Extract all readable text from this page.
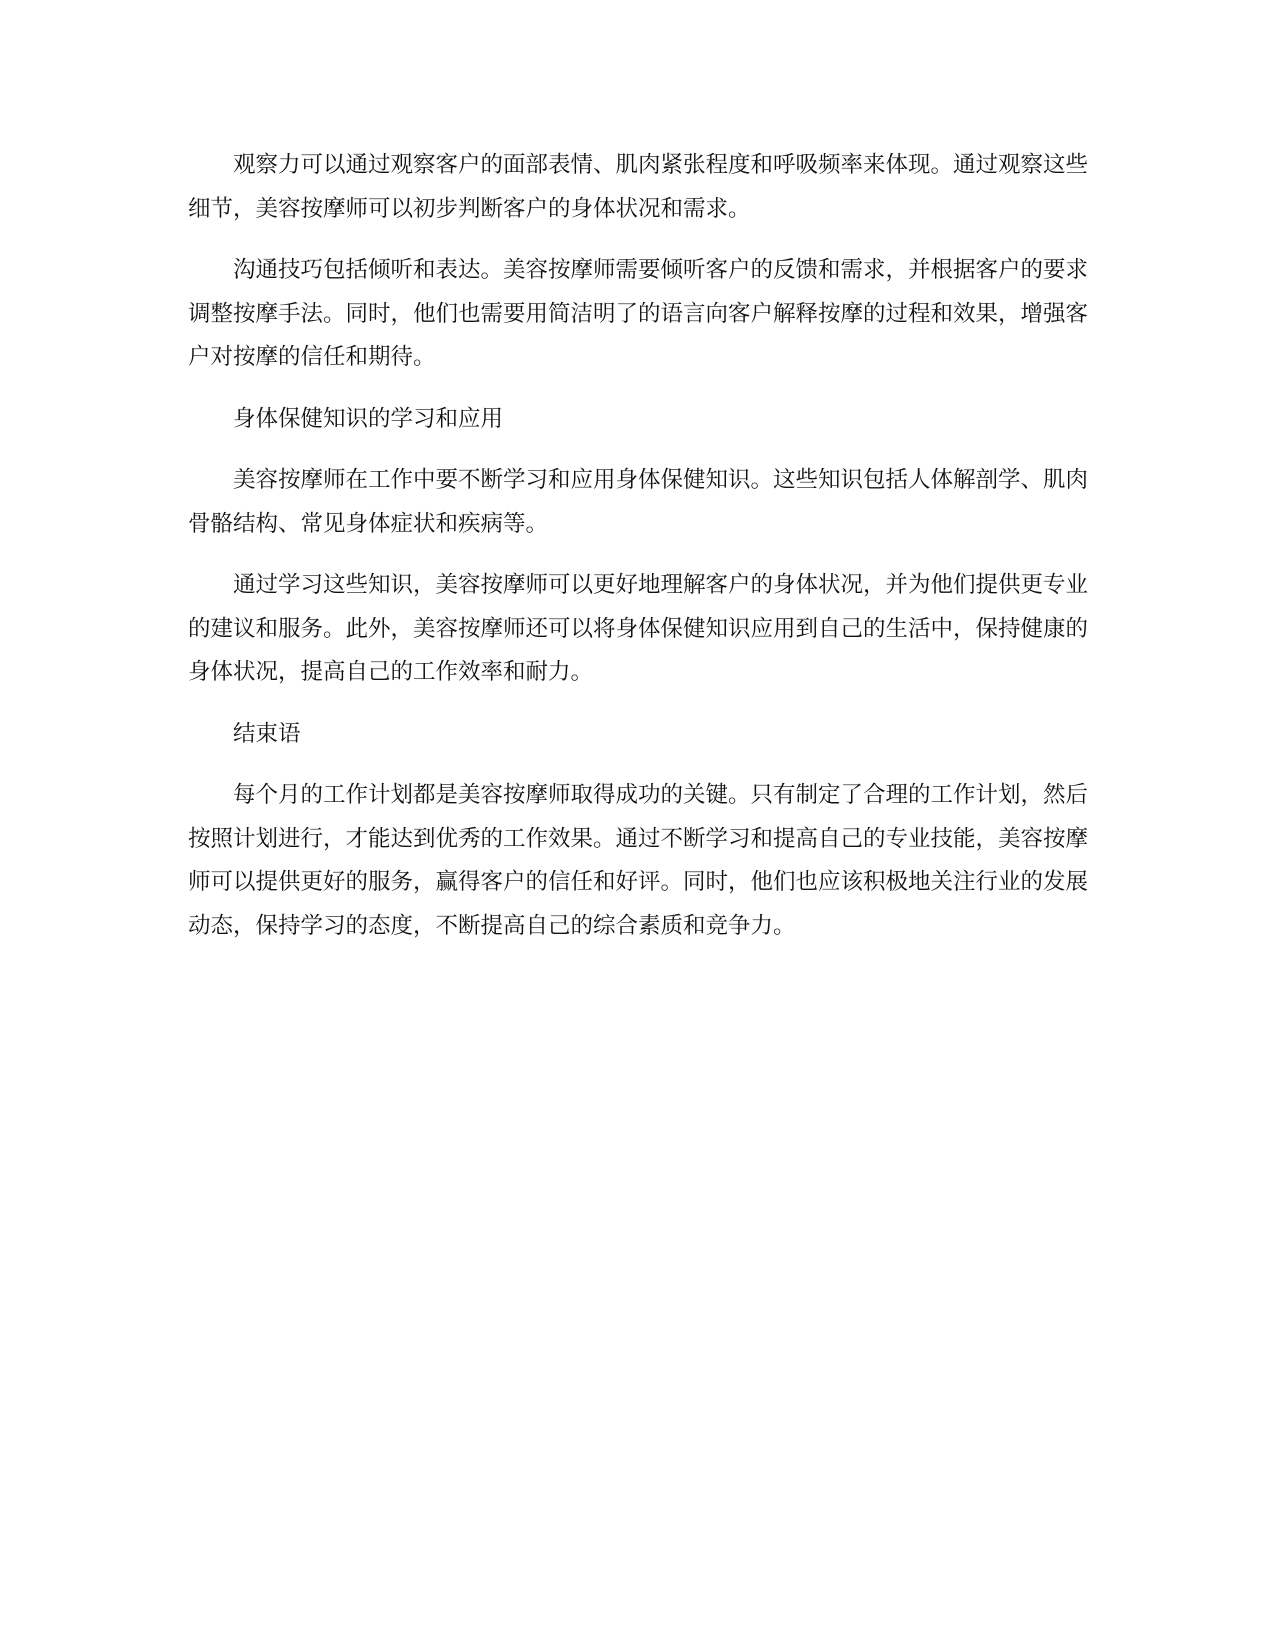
观察力可以通过观察客户的面部表情、肌肉紧张程度和呼吸频率来体现。通过观察这些细节，美容按摩师可以初步判断客户的身体状况和需求。

沟通技巧包括倾听和表达。美容按摩师需要倾听客户的反馈和需求，并根据客户的要求调整按摩手法。同时，他们也需要用简洁明了的语言向客户解释按摩的过程和效果，增强客户对按摩的信任和期待。

身体保健知识的学习和应用

美容按摩师在工作中要不断学习和应用身体保健知识。这些知识包括人体解剖学、肌肉骨骼结构、常见身体症状和疾病等。

通过学习这些知识，美容按摩师可以更好地理解客户的身体状况，并为他们提供更专业的建议和服务。此外，美容按摩师还可以将身体保健知识应用到自己的生活中，保持健康的身体状况，提高自己的工作效率和耐力。

结束语

每个月的工作计划都是美容按摩师取得成功的关键。只有制定了合理的工作计划，然后按照计划进行，才能达到优秀的工作效果。通过不断学习和提高自己的专业技能，美容按摩师可以提供更好的服务，赢得客户的信任和好评。同时，他们也应该积极地关注行业的发展动态，保持学习的态度，不断提高自己的综合素质和竞争力。
